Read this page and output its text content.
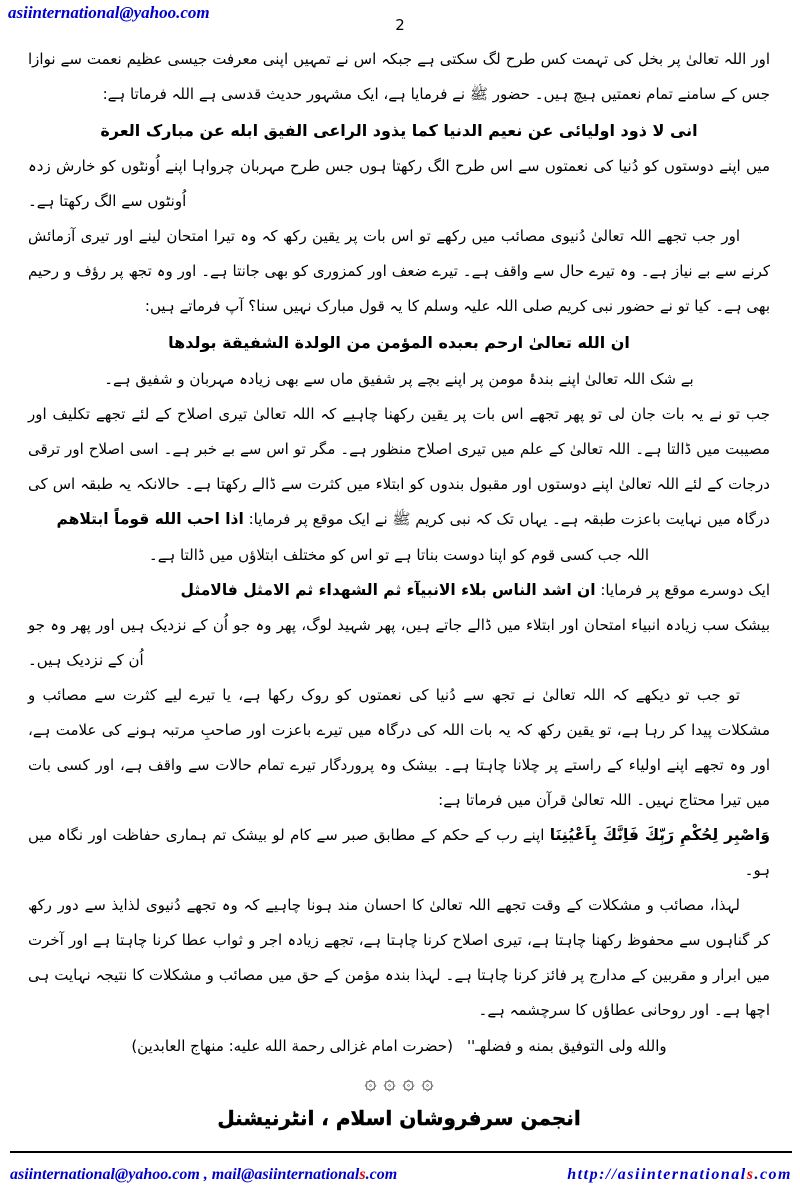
asiinternational@yahoo.com
2

اور اللہ تعالیٰ پر بخل کی تہمت کس طرح لگ سکتی ہے جبکہ اس نے تمہیں اپنی معرفت جیسی عظیم نعمت سے نوازا جس کے سامنے تمام نعمتیں ہیچ ہیں۔ حضور ﷺ نے فرمایا ہے، ایک مشہور حدیث قدسی ہے اللہ فرماتا ہے:

انی لا ذود اولیائی عن نعیم الدنیا کما یذود الراعی الفیق ابله عن مبارک العرة

میں اپنے دوستوں کو دُنیا کی نعمتوں سے اس طرح الگ رکھتا ہوں جس طرح مہربان چرواہا اپنے اُونٹوں کو خارش زدہ اُونٹوں سے الگ رکھتا ہے۔

اور جب تجھے اللہ تعالیٰ دُنیوی مصائب میں رکھے تو اس بات پر یقین رکھ کہ وہ تیرا امتحان لینے اور تیری آزمائش کرنے سے بے نیاز ہے۔ وہ تیرے حال سے واقف ہے۔ تیرے ضعف اور کمزوری کو بھی جانتا ہے۔ اور وہ تجھ پر رؤف و رحیم بھی ہے۔ کیا تو نے حضور نبی کریم صلی اللہ علیہ وسلم کا یہ قول مبارک نہیں سنا؟ آپ فرماتے ہیں:

ان الله تعالیٰ ارحم بعبده المؤمن من الولدة الشفیقة بولدها

بے شک اللہ تعالیٰ اپنے بندۂ مومن پر اپنے بچے پر شفیق ماں سے بھی زیادہ مہربان و شفیق ہے۔

جب تو نے یہ بات جان لی تو پھر تجھے اس بات پر یقین رکھنا چاہیے کہ اللہ تعالیٰ تیری اصلاح کے لئے تجھے تکلیف اور مصیبت میں ڈالتا ہے۔ اللہ تعالیٰ کے علم میں تیری اصلاح منظور ہے۔ مگر تو اس سے بے خبر ہے۔ اسی اصلاح اور ترقی درجات کے لئے اللہ تعالیٰ اپنے دوستوں اور مقبول بندوں کو ابتلاء میں کثرت سے ڈالے رکھتا ہے۔ حالانکہ یہ طبقہ اس کی درگاہ میں نہایت باعزت طبقہ ہے۔ یہاں تک کہ نبی کریم ﷺ نے ایک موقع پر فرمایا: اذا احب الله قوماً ابتلاهم

اللہ جب کسی قوم کو اپنا دوست بناتا ہے تو اس کو مختلف ابتلاؤں میں ڈالتا ہے۔

ایک دوسرے موقع پر فرمایا: ان اشد الناس بلاء الانبیآء ثم الشهداء ثم الامثل فالامثل

بیشک سب زیادہ انبیاء امتحان اور ابتلاء میں ڈالے جاتے ہیں، پھر شہید لوگ، پھر وہ جو اُن کے نزدیک ہیں اور پھر وہ جو اُن کے نزدیک ہیں۔

تو جب تو دیکھے کہ اللہ تعالیٰ نے تجھ سے دُنیا کی نعمتوں کو روک رکھا ہے، یا تیرے لیے کثرت سے مصائب و مشکلات پیدا کر رہا ہے، تو یقین رکھ کہ یہ بات اللہ کی درگاہ میں تیرے باعزت اور صاحبِ مرتبہ ہونے کی علامت ہے، اور وہ تجھے اپنے اولیاء کے راستے پر چلانا چاہتا ہے۔ بیشک وہ پروردگار تیرے تمام حالات سے واقف ہے، اور کسی بات میں تیرا محتاج نہیں۔ اللہ تعالیٰ قرآن میں فرماتا ہے:

وَاصْبِر لِحُكْمِ رَبِّكَ فَاِنَّكَ بِاَعْيُنِنَا اپنے رب کے حکم کے مطابق صبر سے کام لو بیشک تم ہماری حفاظت اور نگاہ میں ہو۔

لہذا، مصائب و مشکلات کے وقت تجھے اللہ تعالیٰ کا احسان مند ہونا چاہیے کہ وہ تجھے دُنیوی لذایذ سے دور رکھ کر گناہوں سے محفوظ رکھنا چاہتا ہے، تیری اصلاح کرنا چاہتا ہے، تجھے زیادہ اجر و ثواب عطا کرنا چاہتا ہے اور آخرت میں ابرار و مقربین کے مدارج پر فائز کرنا چاہتا ہے۔ لہذا بندہ مؤمن کے حق میں مصائب و مشکلات کا نتیجہ نہایت ہی اچھا ہے۔ اور روحانی عطاؤں کا سرچشمہ ہے۔

والله ولی التوفیق بمنه و فضلهـ''(حضرت امام غزالی رحمة الله علیه: منهاج العابدین)

۞ ۞ ۞ ۞

انجمن سرفروشان اسلام ، انٹرنیشنل

asiinternational@yahoo.com , mail@asiinternationals.com	http://asiinternationals.com
